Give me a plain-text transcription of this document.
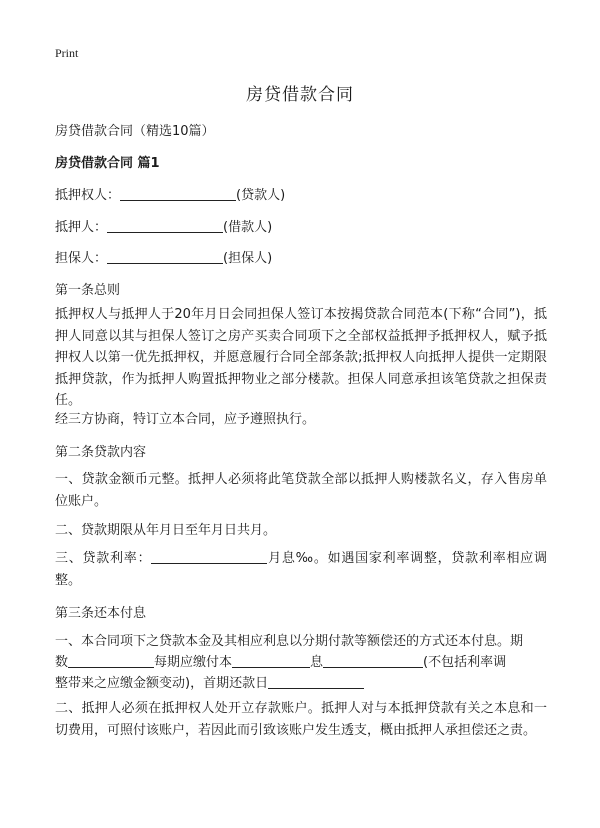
Print
房贷借款合同
房贷借款合同（精选10篇）
房贷借款合同 篇1
抵押权人：	(贷款人)
抵押人：	(借款人)
担保人：	(担保人)
第一条总则
抵押权人与抵押人于20年月日会同担保人签订本按揭贷款合同范本(下称“合同”)，抵押人同意以其与担保人签订之房产买卖合同项下之全部权益抵押予抵押权人，赋予抵押权人以第一优先抵押权，并愿意履行合同全部条款;抵押权人向抵押人提供一定期限抵押贷款，作为抵押人购置抵押物业之部分楼款。担保人同意承担该笔贷款之担保责任。
经三方协商，特订立本合同，应予遵照执行。
第二条贷款内容
一、贷款金额币元整。抵押人必须将此笔贷款全部以抵押人购楼款名义，存入售房单位账户。
二、贷款期限从年月日至年月日共月。
三、贷款利率：	月息‰。如遇国家利率调整，贷款利率相应调整。
第三条还本付息
一、本合同项下之贷款本金及其相应利息以分期付款等额偿还的方式还本付息。期
数	每期应缴付本	息	(不包括利率调
整带来之应缴金额变动)，首期还款日
二、抵押人必须在抵押权人处开立存款账户。抵押人对与本抵押贷款有关之本息和一切费用，可照付该账户，若因此而引致该账户发生透支，概由抵押人承担偿还之责。
